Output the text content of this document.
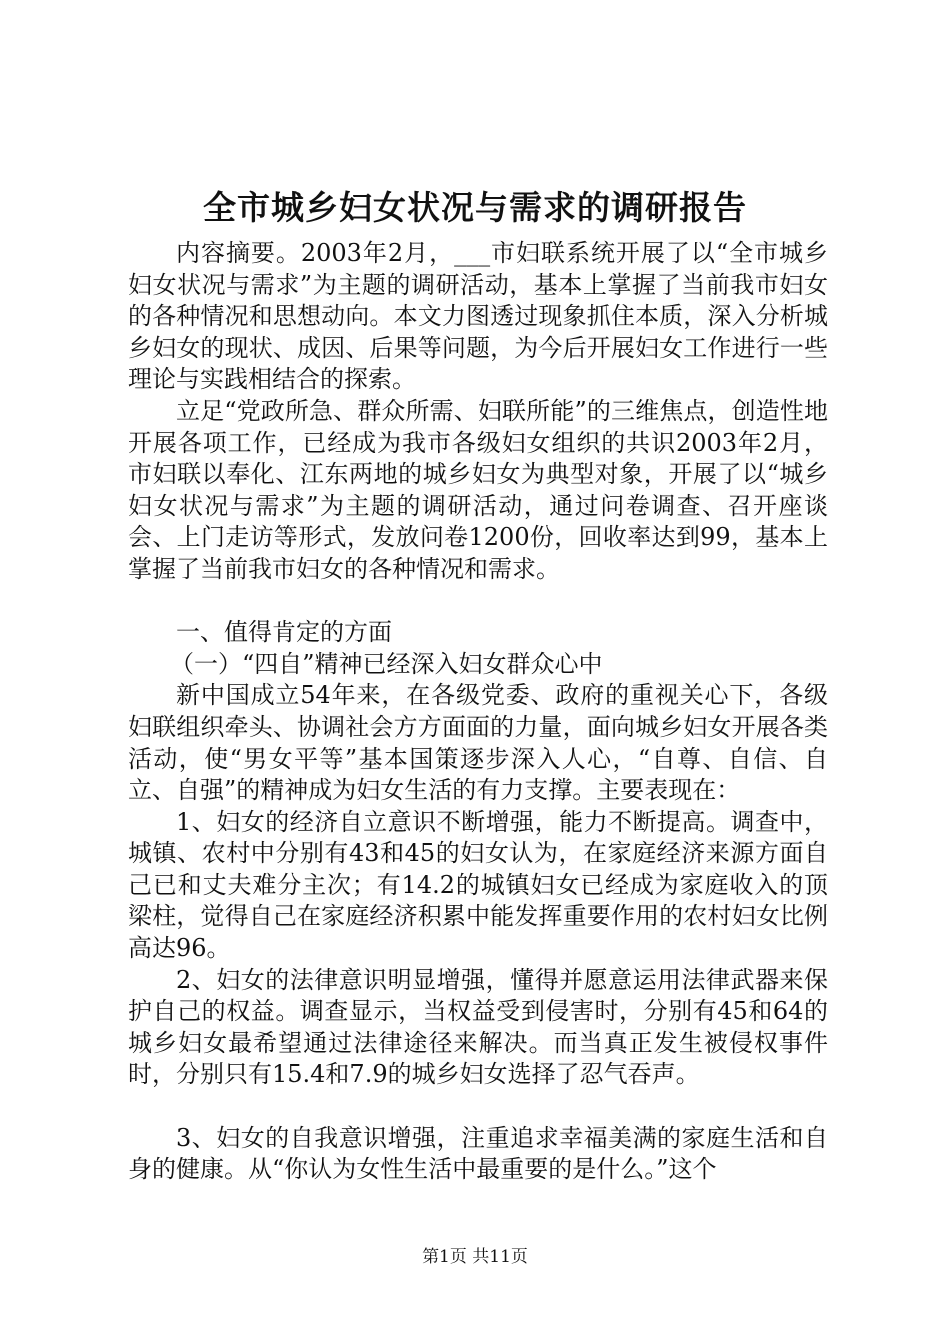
全市城乡妇女状况与需求的调研报告

内容摘要。2003年2月，___市妇联系统开展了以“全市城乡妇女状况与需求”为主题的调研活动，基本上掌握了当前我市妇女的各种情况和思想动向。本文力图透过现象抓住本质，深入分析城乡妇女的现状、成因、后果等问题，为今后开展妇女工作进行一些理论与实践相结合的探索。

立足“党政所急、群众所需、妇联所能”的三维焦点，创造性地开展各项工作，已经成为我市各级妇女组织的共识2003年2月，市妇联以奉化、江东两地的城乡妇女为典型对象，开展了以“城乡妇女状况与需求”为主题的调研活动，通过问卷调查、召开座谈会、上门走访等形式，发放问卷1200份，回收率达到99，基本上掌握了当前我市妇女的各种情况和需求。

一、值得肯定的方面

（一）“四自”精神已经深入妇女群众心中

新中国成立54年来，在各级党委、政府的重视关心下，各级妇联组织牵头、协调社会方方面面的力量，面向城乡妇女开展各类活动，使“男女平等”基本国策逐步深入人心，“自尊、自信、自立、自强”的精神成为妇女生活的有力支撑。主要表现在：

1、妇女的经济自立意识不断增强，能力不断提高。调查中，城镇、农村中分别有43和45的妇女认为，在家庭经济来源方面自己已和丈夫难分主次；有14.2的城镇妇女已经成为家庭收入的顶梁柱，觉得自己在家庭经济积累中能发挥重要作用的农村妇女比例高达96。

2、妇女的法律意识明显增强，懂得并愿意运用法律武器来保护自己的权益。调查显示，当权益受到侵害时，分别有45和64的城乡妇女最希望通过法律途径来解决。而当真正发生被侵权事件时，分别只有15.4和7.9的城乡妇女选择了忍气吞声。

3、妇女的自我意识增强，注重追求幸福美满的家庭生活和自身的健康。从“你认为女性生活中最重要的是什么。”这个

第1页 共11页
